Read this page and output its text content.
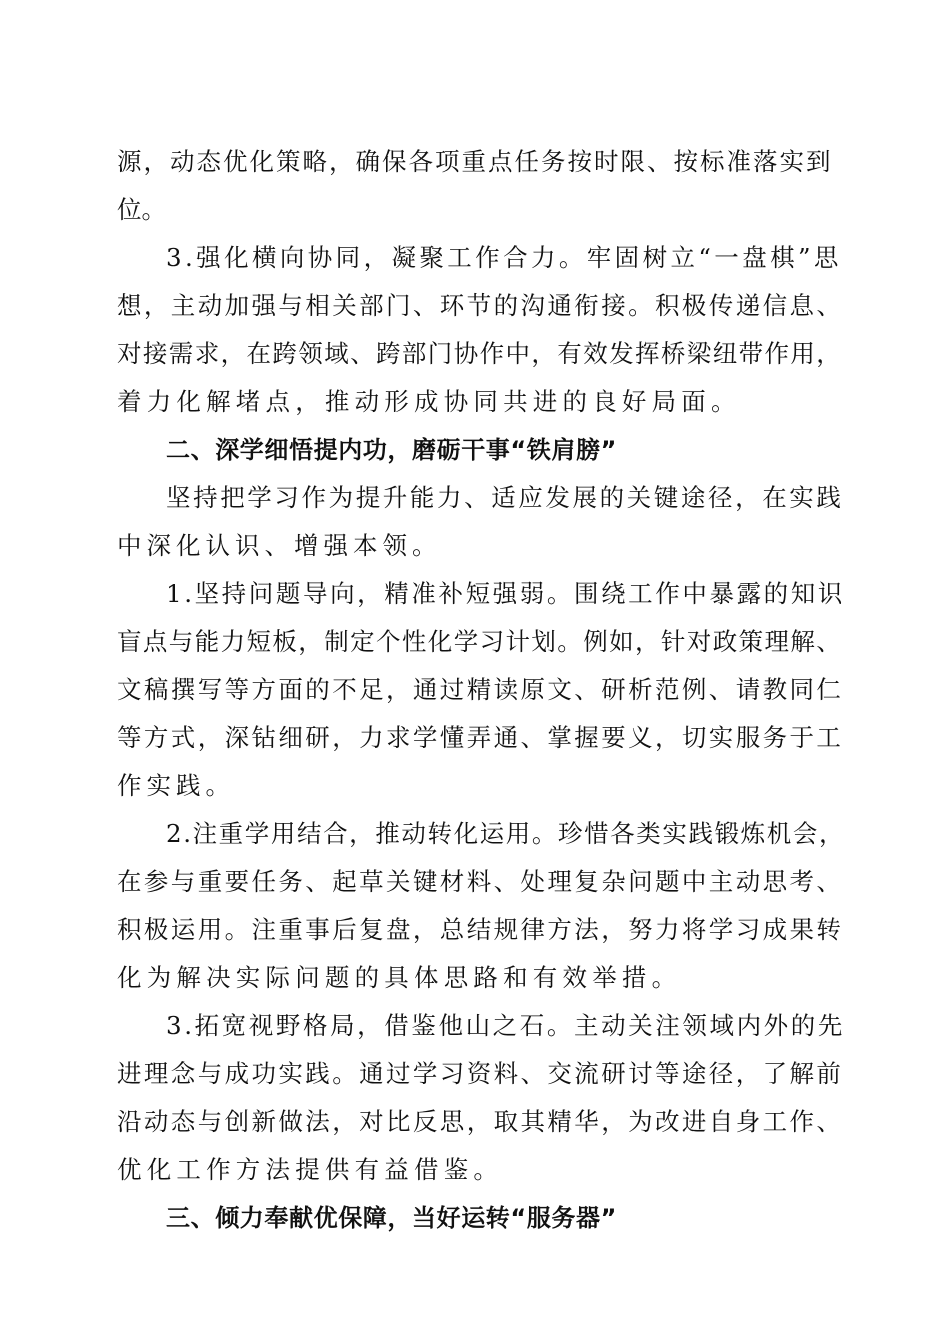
源，动态优化策略，确保各项重点任务按时限、按标准落实到
位。
3.强化横向协同，凝聚工作合力。牢固树立“一盘棋”思
想，主动加强与相关部门、环节的沟通衔接。积极传递信息、
对接需求，在跨领域、跨部门协作中，有效发挥桥梁纽带作用，
着力化解堵点，推动形成协同共进的良好局面。
二、深学细悟提内功，磨砺干事“铁肩膀”
坚持把学习作为提升能力、适应发展的关键途径，在实践
中深化认识、增强本领。
1.坚持问题导向，精准补短强弱。围绕工作中暴露的知识
盲点与能力短板，制定个性化学习计划。例如，针对政策理解、
文稿撰写等方面的不足，通过精读原文、研析范例、请教同仁
等方式，深钻细研，力求学懂弄通、掌握要义，切实服务于工
作实践。
2.注重学用结合，推动转化运用。珍惜各类实践锻炼机会，
在参与重要任务、起草关键材料、处理复杂问题中主动思考、
积极运用。注重事后复盘，总结规律方法，努力将学习成果转
化为解决实际问题的具体思路和有效举措。
3.拓宽视野格局，借鉴他山之石。主动关注领域内外的先
进理念与成功实践。通过学习资料、交流研讨等途径，了解前
沿动态与创新做法，对比反思，取其精华，为改进自身工作、
优化工作方法提供有益借鉴。
三、倾力奉献优保障，当好运转“服务器”
